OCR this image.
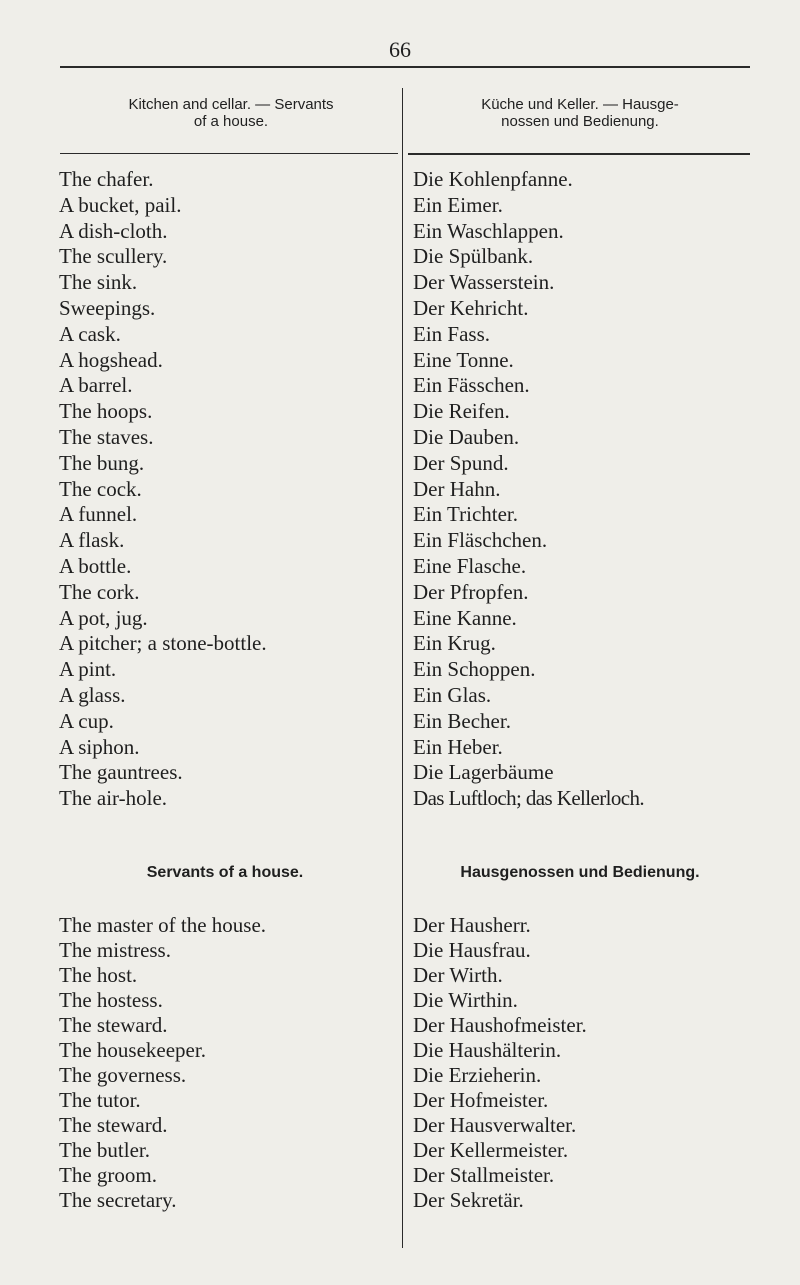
66
Kitchen and cellar. — Servants
of a house.
Küche und Keller. — Hausge-
nossen und Bedienung.
The chafer.
A bucket, pail.
A dish-cloth.
The scullery.
The sink.
Sweepings.
A cask.
A hogshead.
A barrel.
The hoops.
The staves.
The bung.
The cock.
A funnel.
A flask.
A bottle.
The cork.
A pot, jug.
A pitcher; a stone-bottle.
A pint.
A glass.
A cup.
A siphon.
The gauntrees.
The air-hole.
Die Kohlenpfanne.
Ein Eimer.
Ein Waschlappen.
Die Spülbank.
Der Wasserstein.
Der Kehricht.
Ein Fass.
Eine Tonne.
Ein Fässchen.
Die Reifen.
Die Dauben.
Der Spund.
Der Hahn.
Ein Trichter.
Ein Fläschchen.
Eine Flasche.
Der Pfropfen.
Eine Kanne.
Ein Krug.
Ein Schoppen.
Ein Glas.
Ein Becher.
Ein Heber.
Die Lagerbäume
Das Luftloch; das Kellerloch.
Servants of a house.	Hausgenossen und Bedienung.
The master of the house.
The mistress.
The host.
The hostess.
The steward.
The housekeeper.
The governess.
The tutor.
The steward.
The butler.
The groom.
The secretary.
Der Hausherr.
Die Hausfrau.
Der Wirth.
Die Wirthin.
Der Haushofmeister.
Die Haushälterin.
Die Erzieherin.
Der Hofmeister.
Der Hausverwalter.
Der Kellermeister.
Der Stallmeister.
Der Sekretär.
